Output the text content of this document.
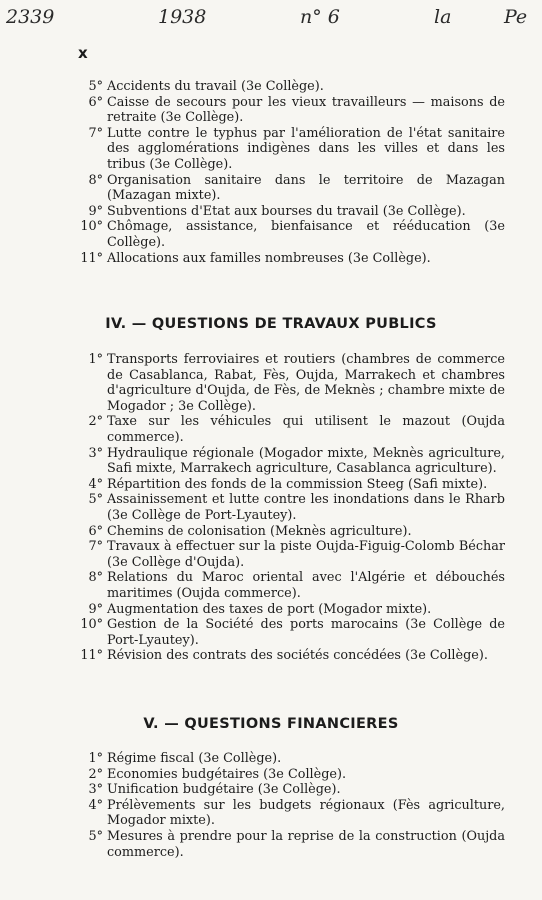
2339	1938	n° 6	la	Pe
x
5° Accidents du travail (3e Collège).
6° Caisse de secours pour les vieux travailleurs — maisons de retraite (3e Collège).
7° Lutte contre le typhus par l'amélioration de l'état sanitaire des agglomérations indigènes dans les villes et dans les tribus (3e Collège).
8° Organisation sanitaire dans le territoire de Mazagan (Mazagan mixte).
9° Subventions d'Etat aux bourses du travail (3e Collège).
10° Chômage, assistance, bienfaisance et rééducation (3e Collège).
11° Allocations aux familles nombreuses (3e Collège).
IV. — QUESTIONS DE TRAVAUX PUBLICS
1° Transports ferroviaires et routiers (chambres de commerce de Casablanca, Rabat, Fès, Oujda, Marrakech et chambres d'agriculture d'Oujda, de Fès, de Meknès ; chambre mixte de Mogador ; 3e Collège).
2° Taxe sur les véhicules qui utilisent le mazout (Oujda commerce).
3° Hydraulique régionale (Mogador mixte, Meknès agriculture, Safi mixte, Marrakech agriculture, Casablanca agriculture).
4° Répartition des fonds de la commission Steeg (Safi mixte).
5° Assainissement et lutte contre les inondations dans le Rharb (3e Collège de Port-Lyautey).
6° Chemins de colonisation (Meknès agriculture).
7° Travaux à effectuer sur la piste Oujda-Figuig-Colomb Béchar (3e Collège d'Oujda).
8° Relations du Maroc oriental avec l'Algérie et débouchés maritimes (Oujda commerce).
9° Augmentation des taxes de port (Mogador mixte).
10° Gestion de la Société des ports marocains (3e Collège de Port-Lyautey).
11° Révision des contrats des sociétés concédées (3e Collège).
V. — QUESTIONS FINANCIERES
1° Régime fiscal (3e Collège).
2° Economies budgétaires (3e Collège).
3° Unification budgétaire (3e Collège).
4° Prélèvements sur les budgets régionaux (Fès agriculture, Mogador mixte).
5° Mesures à prendre pour la reprise de la construction (Oujda commerce).
